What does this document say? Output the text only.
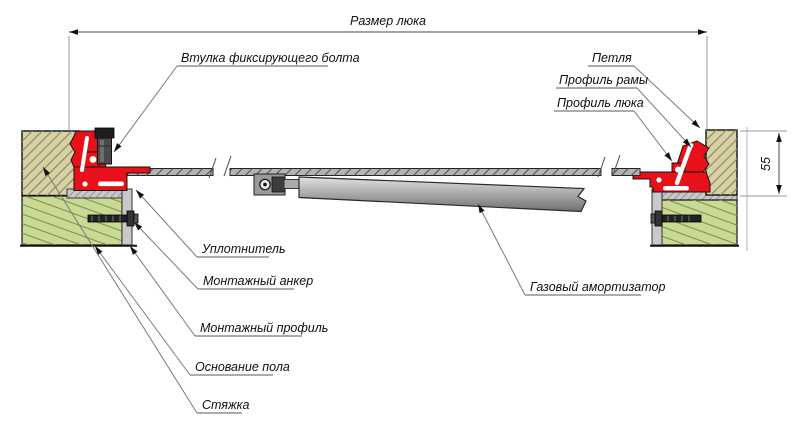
Размер люка
55
Втулка фиксирующего болта	Петля
Профиль рамы
Профиль люка
Уплотнитель
Монтажный анкер
Монтажный профиль
Основание пола
Стяжка
Газовый амортизатор
